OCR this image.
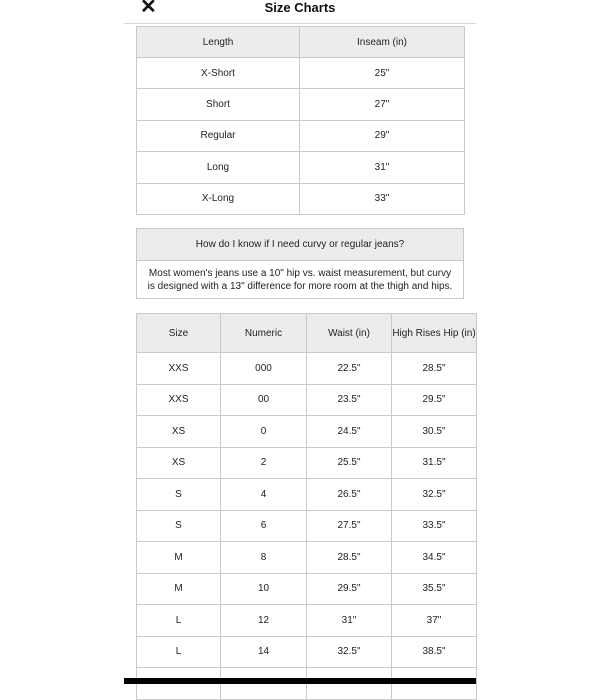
✕	Size Charts
Length	Inseam (in)
X-Short	25"
Short	27"
Regular	29"
Long	31"
X-Long	33"
How do I know if I need curvy or regular jeans?
Most women's jeans use a 10" hip vs. waist measurement, but curvy is designed with a 13" difference for more room at the thigh and hips.
Size	Numeric	Waist (in)	High Rises Hip (in)
XXS	000	22.5"	28.5"
XXS	00	23.5"	29.5"
XS	0	24.5"	30.5"
XS	2	25.5"	31.5"
S	4	26.5"	32.5"
S	6	27.5"	33.5"
M	8	28.5"	34.5"
M	10	29.5"	35.5"
L	12	31"	37"
L	14	32.5"	38.5"
